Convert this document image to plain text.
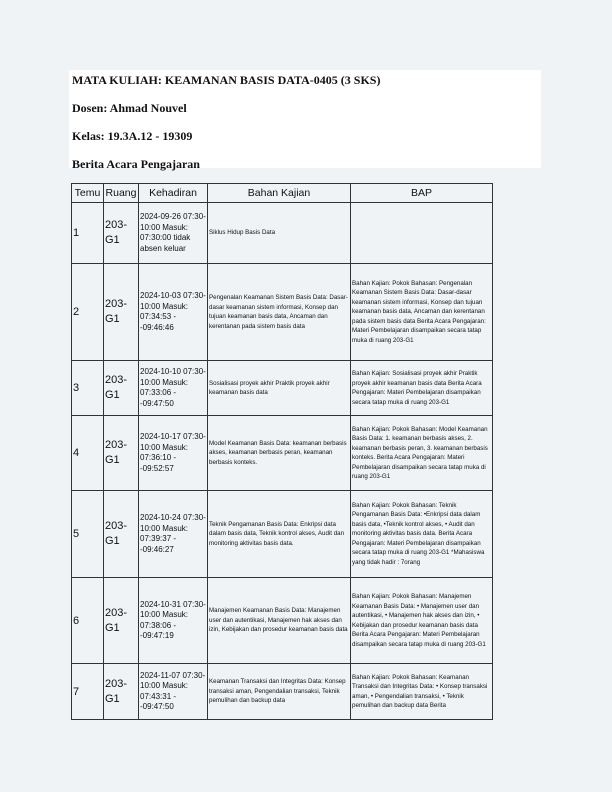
MATA KULIAH: KEAMANAN BASIS DATA-0405 (3 SKS)
Dosen: Ahmad Nouvel
Kelas: 19.3A.12 - 19309
Berita Acara Pengajaran
Temu	Ruang	Kehadiran	Bahan Kajian	BAP
1	203-G1	2024-09-26 07:30-10:00 Masuk: 07:30:00 tidak absen keluar	Siklus Hidup Basis Data	
2	203-G1	2024-10-03 07:30-10:00 Masuk: 07:34:53 --09:46:46	Pengenalan Keamanan Sistem Basis Data: Dasar-dasar keamanan sistem informasi, Konsep dan tujuan keamanan basis data, Ancaman dan kerentanan pada sistem basis data	Bahan Kajian: Pokok Bahasan: Pengenalan Keamanan Sistem Basis Data: Dasar-dasar keamanan sistem informasi, Konsep dan tujuan keamanan basis data, Ancaman dan kerentanan pada sistem basis data Berita Acara Pengajaran: Materi Pembelajaran disampaikan secara tatap muka di ruang 203-G1
3	203-G1	2024-10-10 07:30-10:00 Masuk: 07:33:06 --09:47:50	Sosialisasi proyek akhir Praktik proyek akhir keamanan basis data	Bahan Kajian: Sosialisasi proyek akhir Praktik proyek akhir keamanan basis data Berita Acara Pengajaran: Materi Pembelajaran disampaikan secara tatap muka di ruang 203-G1
4	203-G1	2024-10-17 07:30-10:00 Masuk: 07:36:10 --09:52:57	Model Keamanan Basis Data: keamanan berbasis akses, keamanan berbasis peran, keamanan berbasis konteks.	Bahan Kajian: Pokok Bahasan: Model Keamanan Basis Data: 1. keamanan berbasis akses, 2. keamanan berbasis peran, 3. keamanan berbasis konteks. Berita Acara Pengajaran: Materi Pembelajaran disampaikan secara tatap muka di ruang 203-G1
5	203-G1	2024-10-24 07:30-10:00 Masuk: 07:39:37 --09:46:27	Teknik Pengamanan Basis Data: Enkripsi data dalam basis data, Teknik kontrol akses, Audit dan monitoring aktivitas basis data.	Bahan Kajian: Pokok Bahasan: Teknik Pengamanan Basis Data: •Enkripsi data dalam basis data, •Teknik kontrol akses, • Audit dan monitoring aktivitas basis data. Berita Acara Pengajaran: Materi Pembelajaran disampaikan secara tatap muka di ruang 203-G1 *Mahasiswa yang tidak hadir : 7orang
6	203-G1	2024-10-31 07:30-10:00 Masuk: 07:38:06 --09:47:19	Manajemen Keamanan Basis Data: Manajemen user dan autentikasi, Manajemen hak akses dan izin, Kebijakan dan prosedur keamanan basis data	Bahan Kajian: Pokok Bahasan: Manajemen Keamanan Basis Data: • Manajemen user dan autentikasi, • Manajemen hak akses dan izin, • Kebijakan dan prosedur keamanan basis data Berita Acara Pengajaran: Materi Pembelajaran disampaikan secara tatap muka di ruang 203-G1
7	203-G1	2024-11-07 07:30-10:00 Masuk: 07:43:31 --09:47:50	Keamanan Transaksi dan Integritas Data: Konsep transaksi aman, Pengendalian transaksi, Teknik pemulihan dan backup data	Bahan Kajian: Pokok Bahasan: Keamanan Transaksi dan Integritas Data: • Konsep transaksi aman, • Pengendalian transaksi, • Teknik pemulihan dan backup data Berita
